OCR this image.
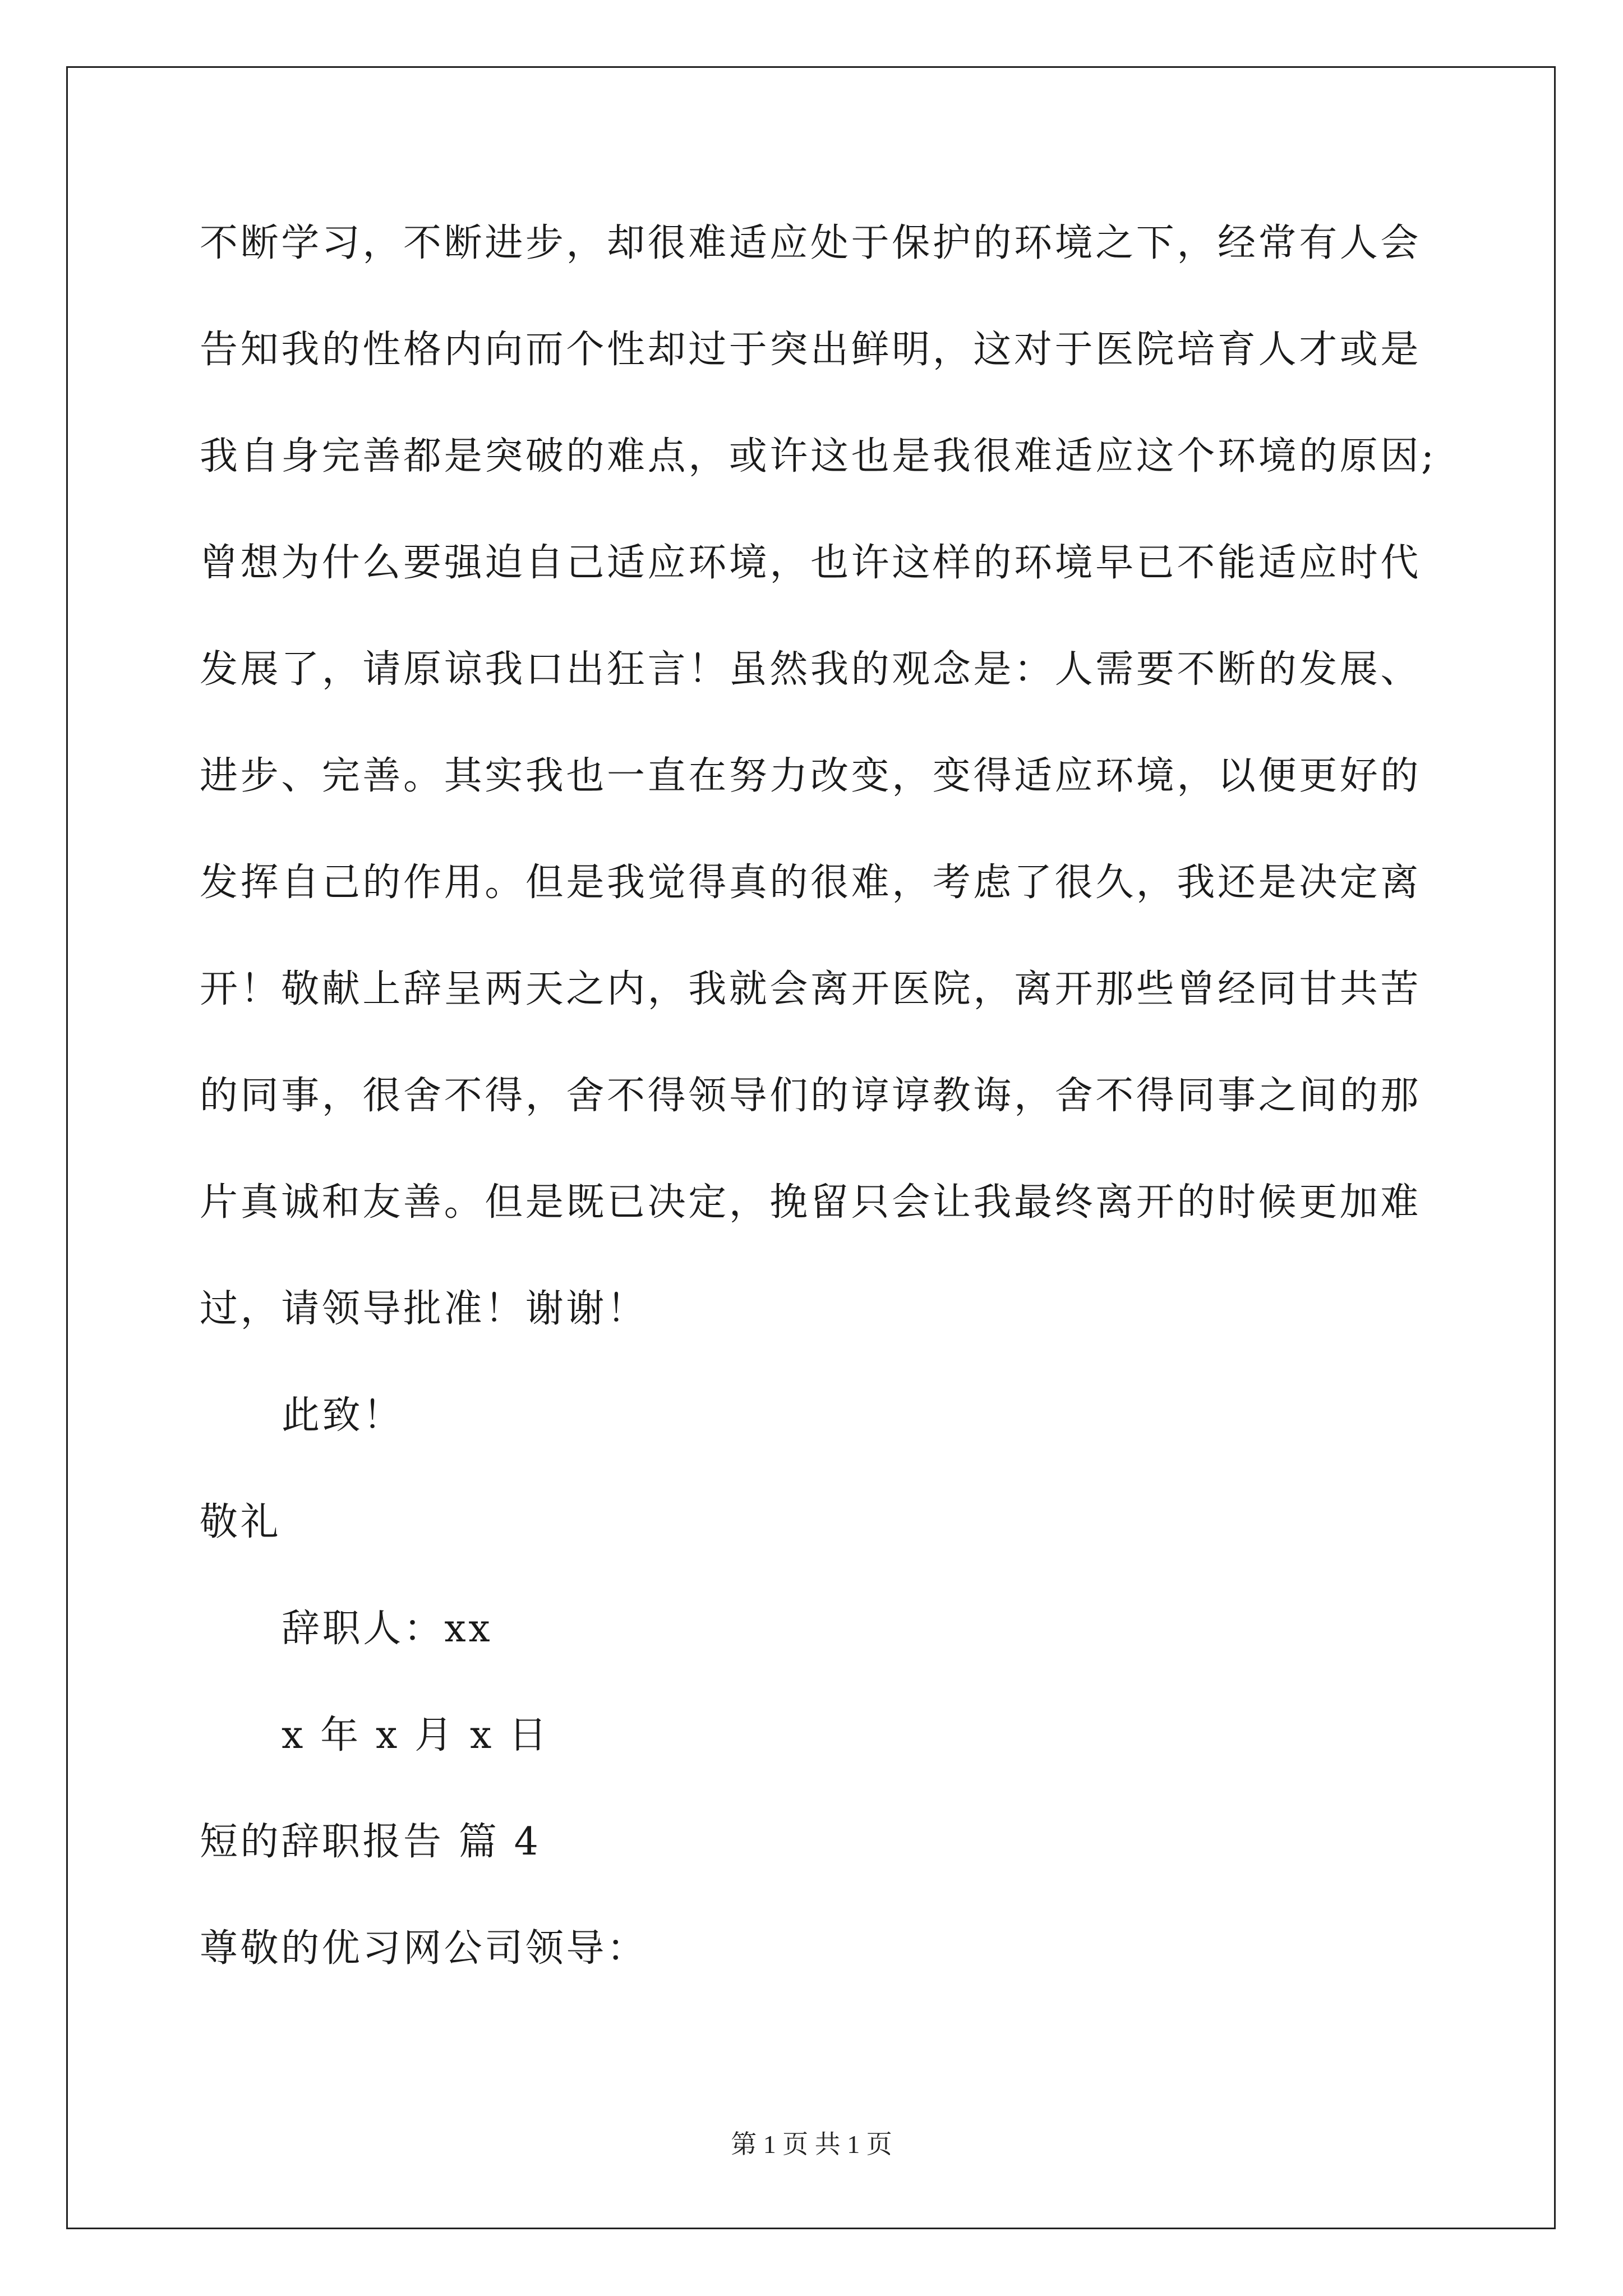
不断学习，不断进步，却很难适应处于保护的环境之下，经常有人会
告知我的性格内向而个性却过于突出鲜明，这对于医院培育人才或是
我自身完善都是突破的难点，或许这也是我很难适应这个环境的原因;
曾想为什么要强迫自己适应环境，也许这样的环境早已不能适应时代
发展了，请原谅我口出狂言！虽然我的观念是：人需要不断的发展、
进步、完善。其实我也一直在努力改变，变得适应环境，以便更好的
发挥自己的作用。但是我觉得真的很难，考虑了很久，我还是决定离
开！敬献上辞呈两天之内，我就会离开医院，离开那些曾经同甘共苦
的同事，很舍不得，舍不得领导们的谆谆教诲，舍不得同事之间的那
片真诚和友善。但是既已决定，挽留只会让我最终离开的时候更加难
过，请领导批准！谢谢！
此致！
敬礼
辞职人：xx
x 年 x 月 x 日
短的辞职报告 篇 4
尊敬的优习网公司领导：
第 1 页 共 1 页
